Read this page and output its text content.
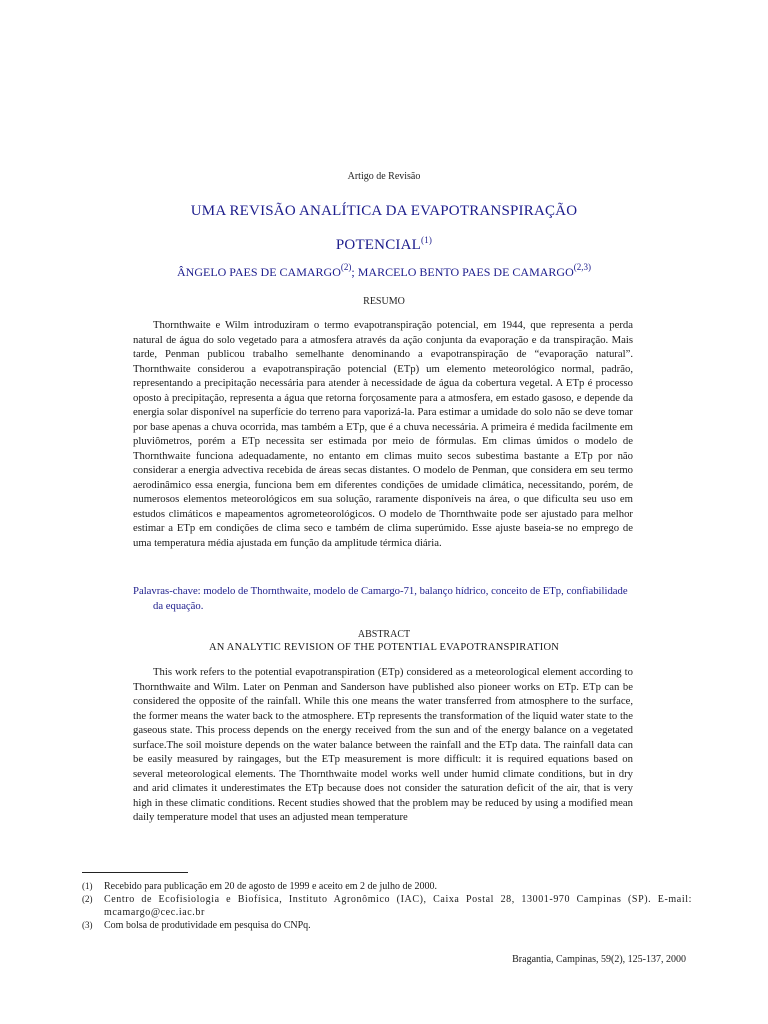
Artigo de Revisão
UMA REVISÃO ANALÍTICA DA EVAPOTRANSPIRAÇÃO
POTENCIAL$^{(1)}$
ÂNGELO PAES DE CAMARGO$^{(2)}$; MARCELO BENTO PAES DE CAMARGO$^{(2,3)}$
RESUMO

Thornthwaite e Wilm introduziram o termo evapotranspiração potencial, em 1944, que representa a perda natural de água do solo vegetado para a atmosfera através da ação conjunta da evaporação e da transpiração. Mais tarde, Penman publicou trabalho semelhante denominando a evapotranspiração de “evaporação natural”. Thornthwaite considerou a evapotranspiração potencial (ETp) um elemento meteorológico normal, padrão, representando a precipitação necessária para atender à necessidade de água da cobertura vegetal. A ETp é processo oposto à precipitação, representa a água que retorna forçosamente para a atmosfera, em estado gasoso, e depende da energia solar disponível na superfície do terreno para vaporizá-la. Para estimar a umidade do solo não se deve tomar por base apenas a chuva ocorrida, mas também a ETp, que é a chuva necessária. A primeira é medida facilmente em pluviômetros, porém a ETp necessita ser estimada por meio de fórmulas. Em climas úmidos o modelo de Thornthwaite funciona adequadamente, no entanto em climas muito secos subestima bastante a ETp por não considerar a energia advectiva recebida de áreas secas distantes. O modelo de Penman, que considera em seu termo aerodinâmico essa energia, funciona bem em diferentes condições de umidade climática, necessitando, porém, de numerosos elementos meteorológicos em sua solução, raramente disponíveis na área, o que dificulta seu uso em estudos climáticos e mapeamentos agrometeorológicos. O modelo de Thornthwaite pode ser ajustado para melhor estimar a ETp em condições de clima seco e também de clima superúmido. Esse ajuste baseia-se no emprego de uma temperatura média ajustada em função da amplitude térmica diária.

Palavras-chave: modelo de Thornthwaite, modelo de Camargo-71, balanço hídrico, conceito de ETp, confiabilidade da equação.
ABSTRACT
AN ANALYTIC REVISION OF THE POTENTIAL EVAPOTRANSPIRATION

This work refers to the potential evapotranspiration (ETp) considered as a meteorological element according to Thornthwaite and Wilm. Later on Penman and Sanderson have published also pioneer works on ETp. ETp can be considered the opposite of the rainfall. While this one means the water transferred from atmosphere to the surface, the former means the water back to the atmosphere. ETp represents the transformation of the liquid water state to the gaseous state. This process depends on the energy received from the sun and of the energy balance on a vegetated surface.The soil moisture depends on the water balance between the rainfall and the ETp data. The rainfall data can be easily measured by raingages, but the ETp measurement is more difficult: it is required equations based on several meteorological elements. The Thornthwaite model works well under humid climate conditions, but in dry and arid climates it underestimates the ETp because does not consider the saturation deficit of the air, that is very high in these climatic conditions. Recent studies showed that the problem may be reduced by using a modified mean daily temperature model that uses an adjusted mean temperature

(1)	Recebido para publicação em 20 de agosto de 1999 e aceito em 2 de julho de 2000.
(2)	Centro de Ecofisiologia e Biofísica, Instituto Agronômico (IAC), Caixa Postal 28, 13001-970 Campinas (SP). E-mail: mcamargo@cec.iac.br
(3)	Com bolsa de produtividade em pesquisa do CNPq.
Bragantia, Campinas, 59(2), 125-137, 2000
